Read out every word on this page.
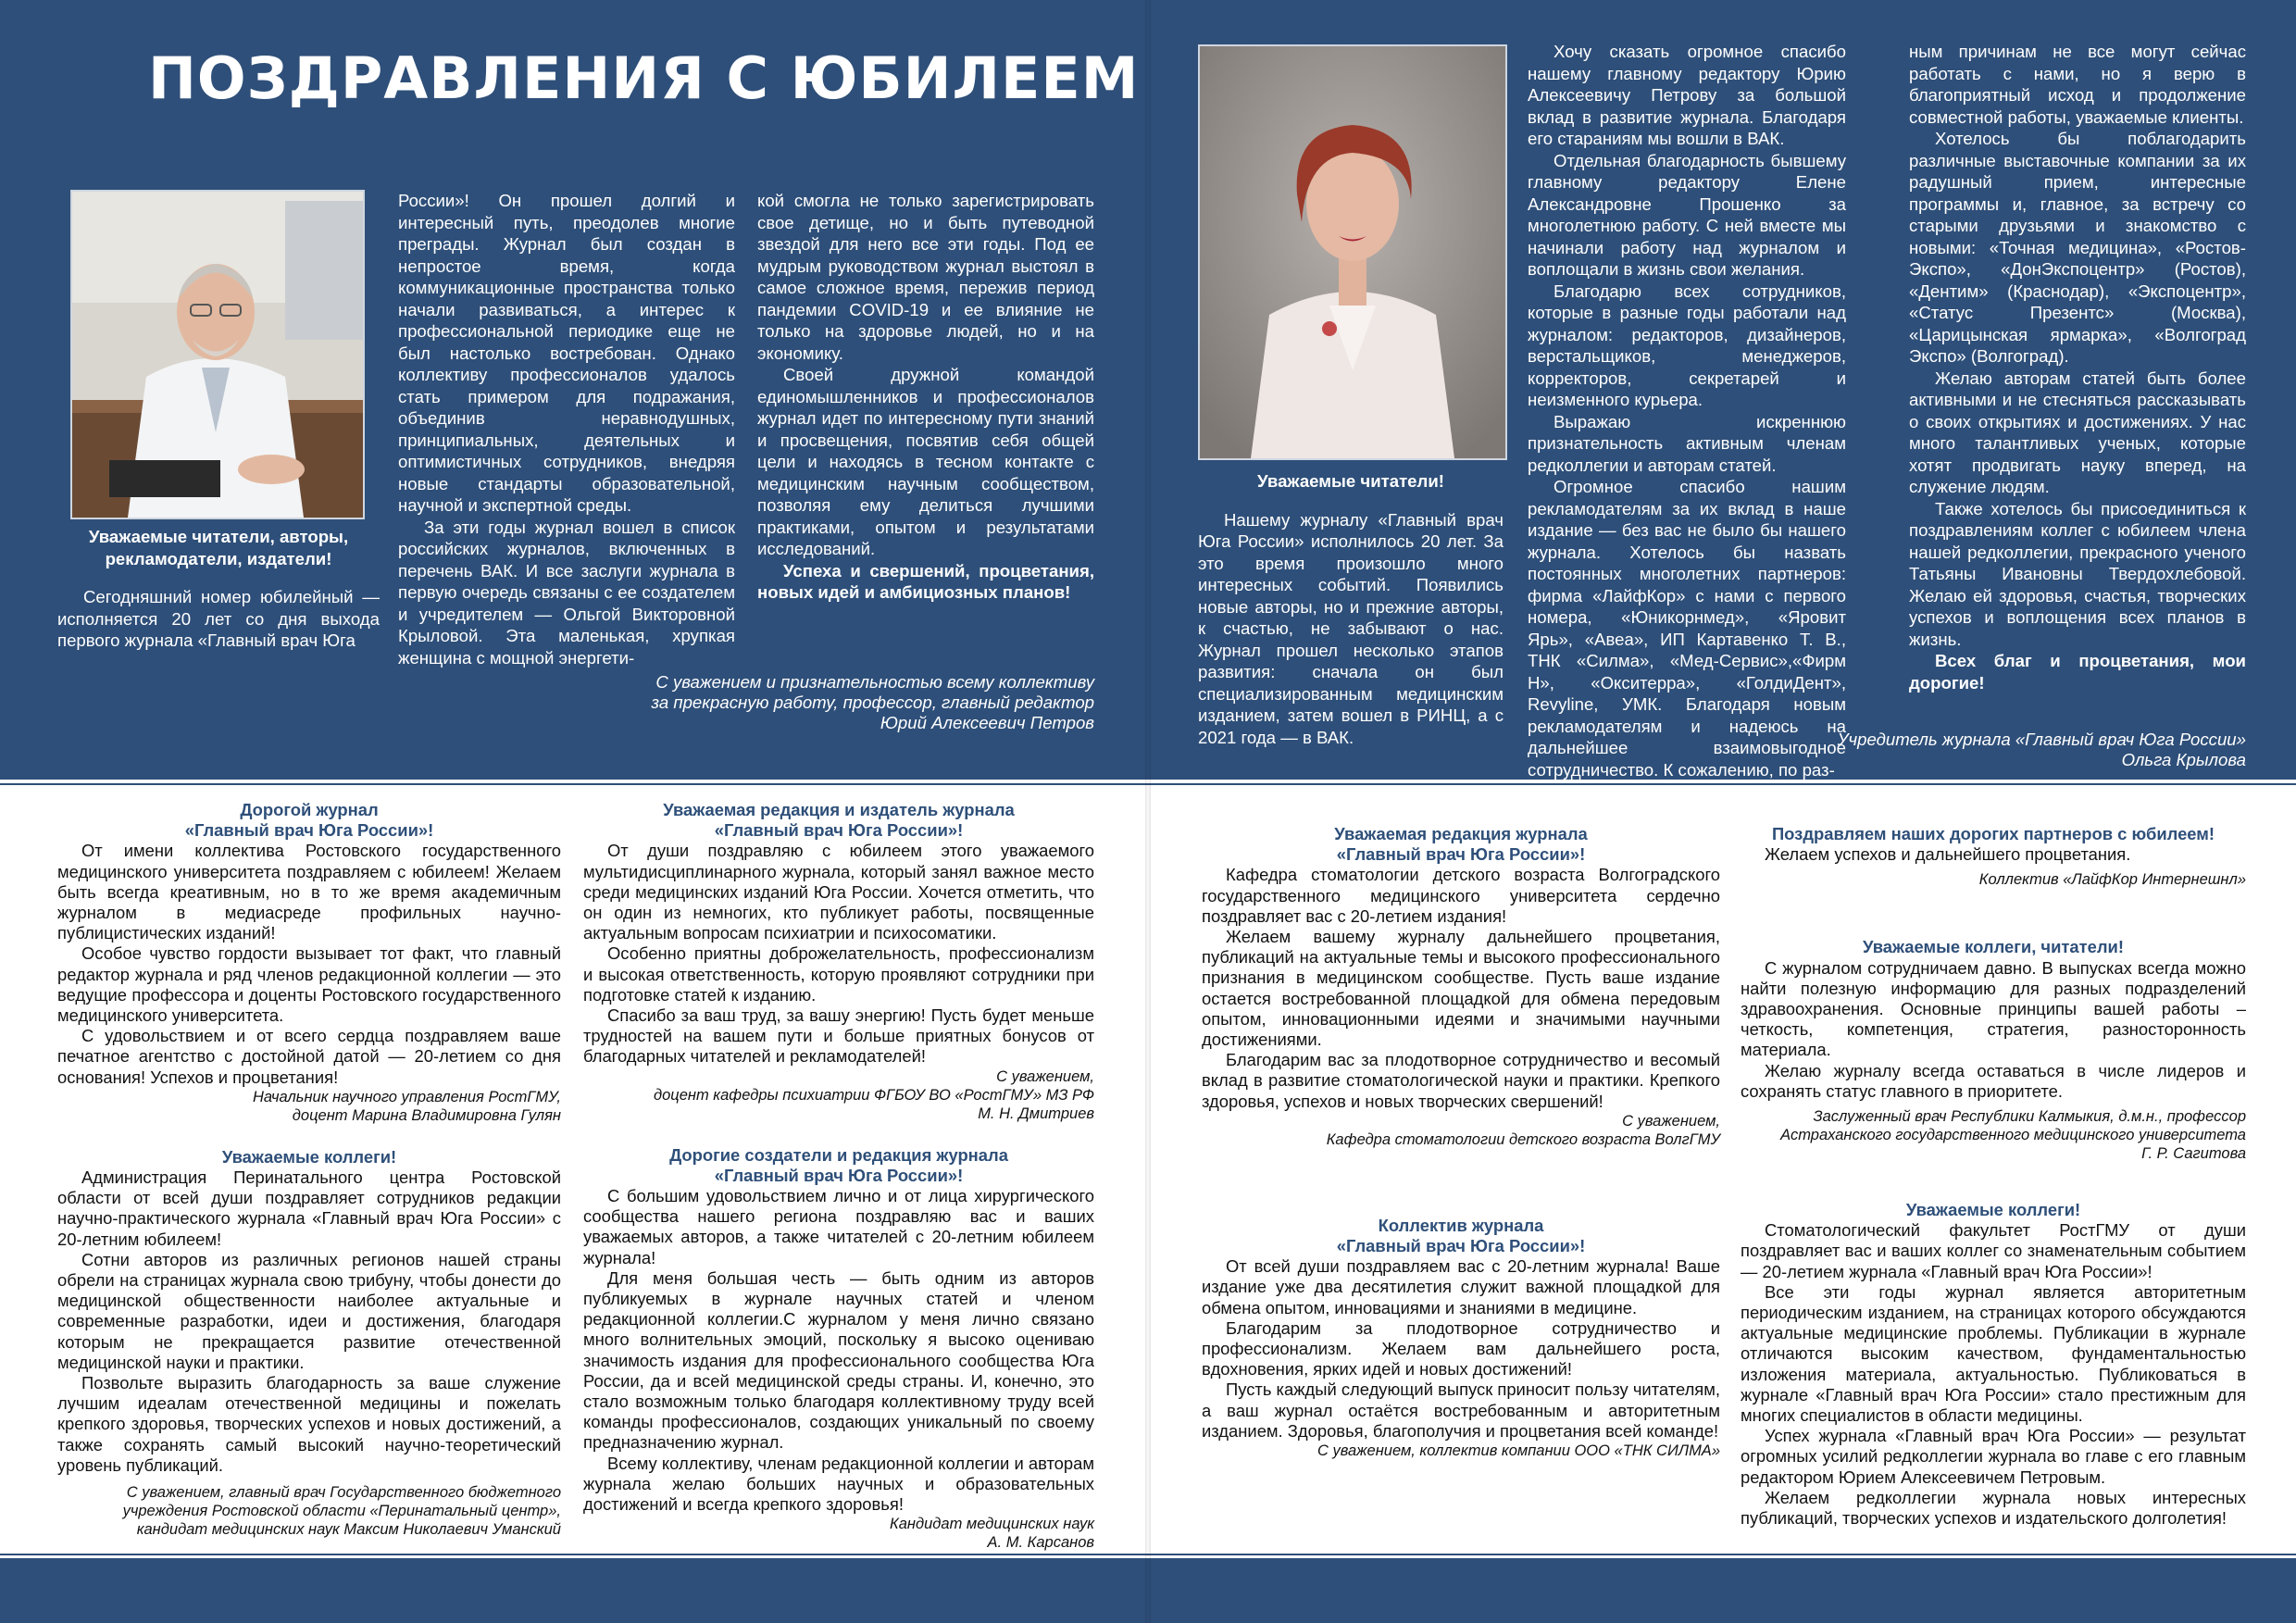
ПОЗДРАВЛЕНИЯ С ЮБИЛЕЕМ

Уважаемые читатели, авторы, рекламодатели, издатели!

Сегодняшний номер юбилейный — исполняется 20 лет со дня выхода первого журнала «Главный врач Юга

России»! Он прошел долгий и интересный путь, преодолев многие преграды. Журнал был создан в непростое время, когда коммуникационные пространства только начали развиваться, а интерес к профессиональной периодике еще не был настолько востребован. Однако коллективу профессионалов удалось стать примером для подражания, объединив неравнодушных, принципиальных, деятельных и оптимистичных сотрудников, внедряя новые стандарты образовательной, научной и экспертной среды.

За эти годы журнал вошел в список российских журналов, включенных в перечень ВАК. И все заслуги журнала в первую очередь связаны с ее создателем и учредителем — Ольгой Викторовной Крыловой. Эта маленькая, хрупкая женщина с мощной энергети-

кой смогла не только зарегистрировать свое детище, но и быть путеводной звездой для него все эти годы. Под ее мудрым руководством журнал выстоял в самое сложное время, пережив период пандемии COVID-19 и ее влияние не только на здоровье людей, но и на экономику.

Своей дружной командой единомышленников и профессионалов журнал идет по интересному пути знаний и просвещения, посвятив себя общей цели и находясь в тесном контакте с медицинским научным сообществом, позволяя ему делиться лучшими практиками, опытом и результатами исследований.

Успеха и свершений, процветания, новых идей и амбициозных планов!

С уважением и признательностью всему коллективу
за прекрасную работу, профессор, главный редактор
Юрий Алексеевич Петров

Уважаемые читатели!

Нашему журналу «Главный врач Юга России» исполнилось 20 лет. За это время произошло много интересных событий. Появились новые авторы, но и прежние авторы, к счастью, не забывают о нас. Журнал прошел несколько этапов развития: сначала он был специализированным медицинским изданием, затем вошел в РИНЦ, а с 2021 года — в ВАК.

Хочу сказать огромное спасибо нашему главному редактору Юрию Алексеевичу Петрову за большой вклад в развитие журнала. Благодаря его стараниям мы вошли в ВАК.

Отдельная благодарность бывшему главному редактору Елене Александровне Прошенко за многолетнюю работу. С ней вместе мы начинали работу над журналом и воплощали в жизнь свои желания.

Благодарю всех сотрудников, которые в разные годы работали над журналом: редакторов, дизайнеров, верстальщиков, менеджеров, корректоров, секретарей и неизменного курьера.

Выражаю искреннюю признательность активным членам редколлегии и авторам статей.

Огромное спасибо нашим рекламодателям за их вклад в наше издание — без вас не было бы нашего журнала. Хотелось бы назвать постоянных многолетних партнеров: фирма «ЛайфКор» с нами с первого номера, «Юникорнмед», «Яровит Ярь», «Авеа», ИП Картавенко Т. В., ТНК «Силма», «Мед-Сервис»,«Фирм Н», «Окситерра», «ГолдиДент», Revyline, УМК. Благодаря новым рекламодателям и надеюсь на дальнейшее взаимовыгодное сотрудничество. К сожалению, по раз-

ным причинам не все могут сейчас работать с нами, но я верю в благоприятный исход и продолжение совместной работы, уважаемые клиенты.

Хотелось бы поблагодарить различные выставочные компании за их радушный прием, интересные программы и, главное, за встречу со старыми друзьями и знакомство с новыми: «Точная медицина», «Ростов-Экспо», «ДонЭкспоцентр» (Ростов), «Дентим» (Краснодар), «Экспоцентр», «Статус Презентс» (Москва), «Царицынская ярмарка», «Волгоград Экспо» (Волгоград).

Желаю авторам статей быть более активными и не стесняться рассказывать о своих открытиях и достижениях. У нас много талантливых ученых, которые хотят продвигать науку вперед, на служение людям.

Также хотелось бы присоединиться к поздравлениям коллег с юбилеем члена нашей редколлегии, прекрасного ученого Татьяны Ивановны Твердохлебовой. Желаю ей здоровья, счастья, творческих успехов и воплощения всех планов в жизнь.

Всех благ и процветания, мои дорогие!

Учредитель журнала «Главный врач Юга России»
Ольга Крылова
Дорогой журнал
«Главный врач Юга России»!

От имени коллектива Ростовского государственного медицинского университета поздравляем с юбилеем! Желаем быть всегда креативным, но в то же время академичным журналом в медиасреде профильных научно-публицистических изданий!

Особое чувство гордости вызывает тот факт, что главный редактор журнала и ряд членов редакционной коллегии — это ведущие профессора и доценты Ростовского государственного медицинского университета.

С удовольствием и от всего сердца поздравляем ваше печатное агентство с достойной датой — 20-летием со дня основания! Успехов и процветания!

Начальник научного управления РостГМУ,

доцент Марина Владимировна Гулян

Уважаемые коллеги!

Администрация Перинатального центра Ростовской области от всей души поздравляет сотрудников редакции научно-практического журнала «Главный врач Юга России» с 20-летним юбилеем!

Сотни авторов из различных регионов нашей страны обрели на страницах журнала свою трибуну, чтобы донести до медицинской общественности наиболее актуальные и современные разработки, идеи и достижения, благодаря которым не прекращается развитие отечественной медицинской науки и практики.

Позвольте выразить благодарность за ваше служение лучшим идеалам отечественной медицины и пожелать крепкого здоровья, творческих успехов и новых достижений, а также сохранять самый высокий научно-теоретический уровень публикаций.

С уважением, главный врач Государственного бюджетного

учреждения Ростовской области «Перинатальный центр»,

кандидат медицинских наук Максим Николаевич Уманский

Уважаемая редакция и издатель журнала
«Главный врач Юга России»!

От души поздравляю с юбилеем этого уважаемого мультидисциплинарного журнала, который занял важное место среди медицинских изданий Юга России. Хочется отметить, что он один из немногих, кто публикует работы, посвященные актуальным вопросам психиатрии и психосоматики.

Особенно приятны доброжелательность, профессионализм и высокая ответственность, которую проявляют сотрудники при подготовке статей к изданию.

Спасибо за ваш труд, за вашу энергию! Пусть будет меньше трудностей на вашем пути и больше приятных бонусов от благодарных читателей и рекламодателей!

С уважением,

доцент кафедры психиатрии ФГБОУ ВО «РостГМУ» МЗ РФ

М. Н. Дмитриев

Дорогие создатели и редакция журнала
«Главный врач Юга России»!

С большим удовольствием лично и от лица хирургического сообщества нашего региона поздравляю вас и ваших уважаемых авторов, а также читателей с 20-летним юбилеем журнала!

Для меня большая честь — быть одним из авторов публикуемых в журнале научных статей и членом редакционной коллегии.С журналом у меня лично связано много волнительных эмоций, поскольку я высоко оцениваю значимость издания для профессионального сообщества Юга России, да и всей медицинской среды страны. И, конечно, это стало возможным только благодаря коллективному труду всей команды профессионалов, создающих уникальный по своему предназначению журнал.

Всему коллективу, членам редакционной коллегии и авторам журнала желаю больших научных и образовательных достижений и всегда крепкого здоровья!

Кандидат медицинских наук

А. М. Карсанов

Уважаемая редакция журнала
«Главный врач Юга России»!

Кафедра стоматологии детского возраста Волгоградского государственного медицинского университета сердечно поздравляет вас с 20-летием издания!

Желаем вашему журналу дальнейшего процветания, публикаций на актуальные темы и высокого профессионального признания в медицинском сообществе. Пусть ваше издание остается востребованной площадкой для обмена передовым опытом, инновационными идеями и значимыми научными достижениями.

Благодарим вас за плодотворное сотрудничество и весомый вклад в развитие стоматологической науки и практики. Крепкого здоровья, успехов и новых творческих свершений!

С уважением,

Кафедра стоматологии детского возраста ВолгГМУ

Коллектив журнала
«Главный врач Юга России»!

От всей души поздравляем вас с 20-летним журнала! Ваше издание уже два десятилетия служит важной площадкой для обмена опытом, инновациями и знаниями в медицине.

Благодарим за плодотворное сотрудничество и профессионализм. Желаем вам дальнейшего роста, вдохновения, ярких идей и новых достижений!

Пусть каждый следующий выпуск приносит пользу читателям, а ваш журнал остаётся востребованным и авторитетным изданием. Здоровья, благополучия и процветания всей команде!

С уважением, коллектив компании ООО «ТНК СИЛМА»

Поздравляем наших дорогих партнеров с юбилеем!

Желаем успехов и дальнейшего процветания.

Коллектив «ЛайфКор Интернешнл»

Уважаемые коллеги, читатели!

С журналом сотрудничаем давно. В выпусках всегда можно найти полезную информацию для разных подразделений здравоохранения. Основные принципы вашей работы – четкость, компетенция, стратегия, разносторонность материала.

Желаю журналу всегда оставаться в числе лидеров и сохранять статус главного в приоритете.

Заслуженный врач Республики Калмыкия, д.м.н., профессор

Астраханского государственного медицинского университета

Г. Р. Сагитова

Уважаемые коллеги!

Стоматологический факультет РостГМУ от души поздравляет вас и ваших коллег со знаменательным событием — 20-летием журнала «Главный врач Юга России»!

Все эти годы журнал является авторитетным периодическим изданием, на страницах которого обсуждаются актуальные медицинские проблемы. Публикации в журнале отличаются высоким качеством, фундаментальностью изложения материала, актуальностью. Публиковаться в журнале «Главный врач Юга России» стало престижным для многих специалистов в области медицины.

Успех журнала «Главный врач Юга России» — результат огромных усилий редколлегии журнала во главе с его главным редактором Юрием Алексеевичем Петровым.

Желаем редколлегии журнала новых интересных публикаций, творческих успехов и издательского долголетия!
